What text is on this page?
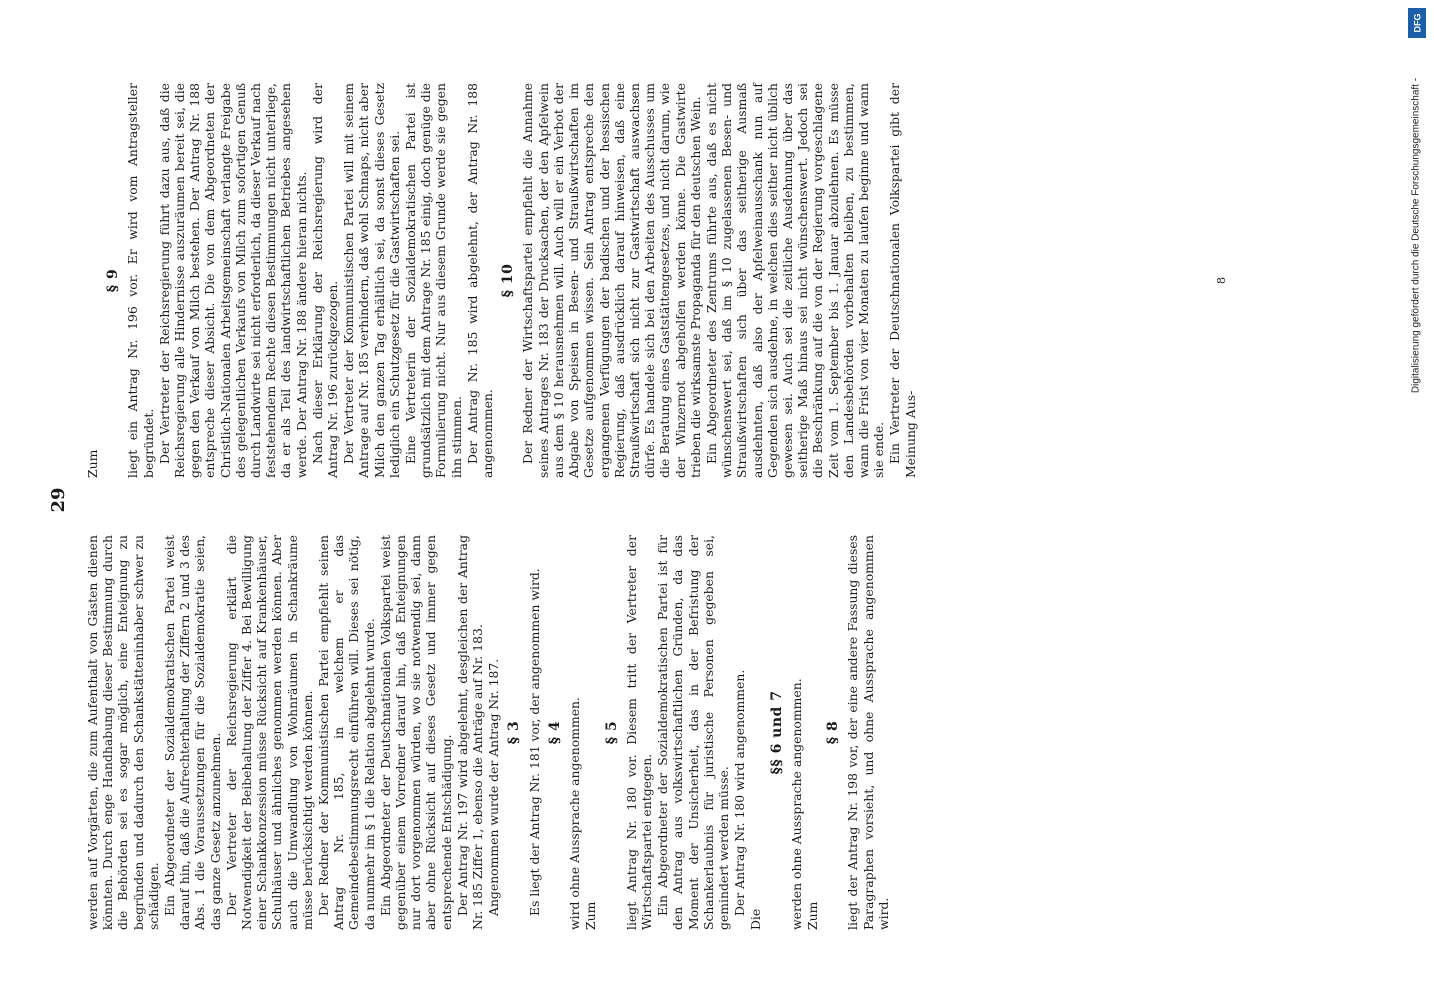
29

werden auf Vorgärten, die zum Aufenthalt von Gästen dienen könnten. Durch enge Handhabung dieser Bestimmung durch die Behörden sei es sogar möglich, eine Enteignung zu begründen und dadurch den Schankstätteninhaber schwer zu schädigen. Ein Abgeordneter der Sozialdemokratischen Partei weist darauf hin, daß die Aufrechterhaltung der Ziffern 2 und 3 des Abs. 1 die Voraussetzungen für die Sozialdemokratie seien, das ganze Gesetz anzunehmen. Der Vertreter der Reichsregierung erklärt die Notwendigkeit der Beibehaltung der Ziffer 4. Bei Bewilligung einer Schankkonzession müsse Rücksicht auf Krankenhäuser, Schulhäuser und ähnliches genommen werden können. Aber auch die Umwandlung von Wohnräumen in Schankräume müsse berücksichtigt werden können. Der Redner der Kommunistischen Partei empfiehlt seinen Antrag Nr. 185, in welchem er das Gemeindebestimmungsrecht einführen will. Dieses sei nötig, da nunmehr im § 1 die Relation abgelehnt wurde. Ein Abgeordneter der Deutschnationalen Volkspartei weist gegenüber einem Vorredner darauf hin, daß Enteignungen nur dort vorgenommen würden, wo sie notwendig sei, dann aber ohne Rücksicht auf dieses Gesetz und immer gegen entsprechende Entschädigung. Der Antrag Nr. 197 wird abgelehnt, desgleichen der Antrag Nr. 185 Ziffer 1, ebenso die Anträge auf Nr. 183. Angenommen wurde der Antrag Nr. 187. § 3 Es liegt der Antrag Nr. 181 vor, der angenommen wird. § 4 wird ohne Aussprache angenommen. Zum

§ 5 liegt Antrag Nr. 180 vor. Diesem tritt der Vertreter der Wirtschaftspartei entgegen. Ein Abgeordneter der Sozialdemokratischen Partei ist für den Antrag aus volkswirtschaftlichen Gründen, da das Moment der Unsicherheit, das in der Befristung der Schankerlaubnis für juristische Personen gegeben sei, gemindert werden müsse. Der Antrag Nr. 180 wird angenommen.

Die

§§ 6 und 7 werden ohne Aussprache angenommen. Zum

§ 8 liegt der Antrag Nr. 198 vor, der eine andere Fassung dieses Paragraphen vorsieht, und ohne Aussprache angenommen wird.

Zum

§ 9 liegt ein Antrag Nr. 196 vor. Er wird vom Antragsteller begründet. Der Vertreter der Reichsregierung führt dazu aus, daß die Reichsregierung alle Hindernisse auszuräumen bereit sei, die gegen den Verkauf von Milch bestehen. Der Antrag Nr. 188 entspreche dieser Absicht. Die von dem Abgeordneten der Christlich-Nationalen Arbeitsgemeinschaft verlangte Freigabe des gelegentlichen Verkaufs von Milch zum sofortigen Genuß durch Landwirte sei nicht erforderlich, da dieser Verkauf nach feststehendem Rechte diesen Bestimmungen nicht unterliege, da er als Teil des landwirtschaftlichen Betriebes angesehen werde. Der Antrag Nr. 188 ändere hieran nichts. Nach dieser Erklärung der Reichsregierung wird der Antrag Nr. 196 zurückgezogen. Der Vertreter der Kommunistischen Partei will mit seinem Antrage auf Nr. 185 verhindern, daß wohl Schnaps, nicht aber Milch den ganzen Tag erhältlich sei, da sonst dieses Gesetz lediglich ein Schutzgesetz für die Gastwirtschaften sei. Eine Vertreterin der Sozialdemokratischen Partei ist grundsätzlich mit dem Antrage Nr. 185 einig, doch genüge die Formulierung nicht. Nur aus diesem Grunde werde sie gegen ihn stimmen. Der Antrag Nr. 185 wird abgelehnt, der Antrag Nr. 188 angenommen.

§ 10 Der Redner der Wirtschaftspartei empfiehlt die Annahme seines Antrages Nr. 183 der Drucksachen, der den Apfelwein aus dem § 10 herausnehmen will. Auch will er ein Verbot der Abgabe von Speisen in Besen- und Straußwirtschaften im Gesetze aufgenommen wissen. Sein Antrag entspreche den ergangenen Verfügungen der badischen und der hessischen Regierung, daß ausdrücklich darauf hinweisen, daß eine Straußwirtschaft sich nicht zur Gastwirtschaft auswachsen dürfe. Es handele sich bei den Arbeiten des Ausschusses um die Beratung eines Gaststättengesetzes, und nicht darum, wie der Winzernot abgeholfen werden könne. Die Gastwirte trieben die wirksamste Propaganda für den deutschen Wein. Ein Abgeordneter des Zentrums führte aus, daß es nicht wünschenswert sei, daß im § 10 zugelassenen Besen- und Straußwirtschaften sich über das seitherige Ausmaß ausdehnten, daß also der Apfelweinausschank nun auf Gegenden sich ausdehne, in welchen dies seither nicht üblich gewesen sei. Auch sei die zeitliche Ausdehnung über das seitherige Maß hinaus sei nicht wünschenswert. Jedoch sei die Beschränkung auf die von der Regierung vorgeschlagene Zeit vom 1. September bis 1. Januar abzulehnen. Es müsse den Landesbehörden vorbehalten bleiben, zu bestimmen, wann die Frist von vier Monaten zu laufen beginne und wann sie ende. Ein Vertreter der Deutschnationalen Volkspartei gibt der Meinung Aus-

8
DFG
Digitalisierung gefördert durch die Deutsche Forschungsgemeinschaft -
